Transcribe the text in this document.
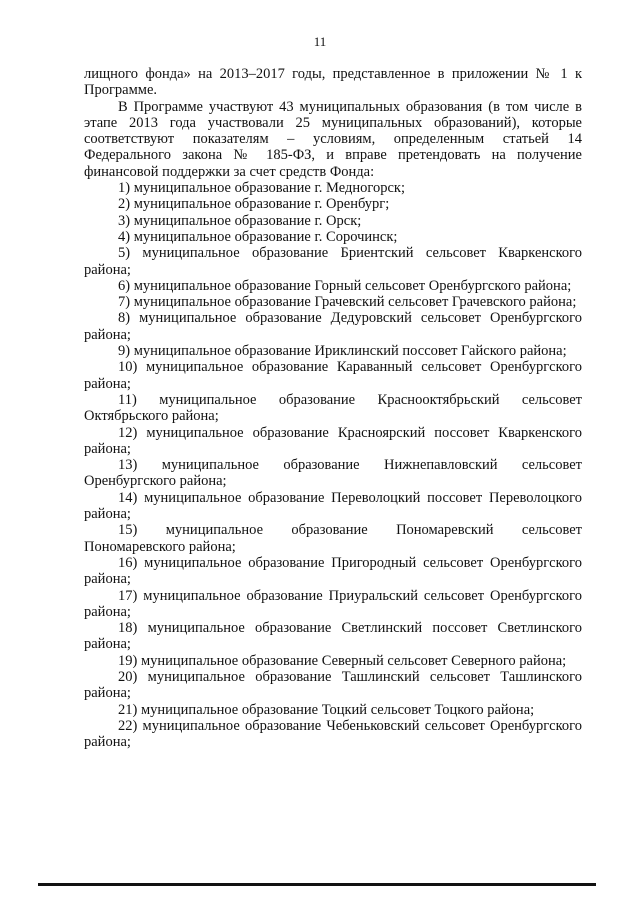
11

лищного фонда» на 2013–2017 годы, представленное в приложении № 1 к Программе.

В Программе участвуют 43 муниципальных образования (в том числе в этапе 2013 года участвовали 25 муниципальных образований), которые соответствуют показателям – условиям, определенным статьей 14 Федерального закона № 185-ФЗ, и вправе претендовать на получение финансовой поддержки за счет средств Фонда:

1) муниципальное образование г. Медногорск;
2) муниципальное образование г. Оренбург;
3) муниципальное образование г. Орск;
4) муниципальное образование г. Сорочинск;
5) муниципальное образование Бриентский сельсовет Кваркенского района;
6) муниципальное образование Горный сельсовет Оренбургского района;
7) муниципальное образование Грачевский сельсовет Грачевского района;
8) муниципальное образование Дедуровский сельсовет Оренбургского района;
9) муниципальное образование Ириклинский поссовет Гайского района;
10) муниципальное образование Караванный сельсовет Оренбургского района;
11) муниципальное образование Краснооктябрьский сельсовет Октябрьского района;
12) муниципальное образование Красноярский поссовет Кваркенского района;
13) муниципальное образование Нижнепавловский сельсовет Оренбургского района;
14) муниципальное образование Переволоцкий поссовет Переволоцкого района;
15) муниципальное образование Пономаревский сельсовет Пономаревского района;
16) муниципальное образование Пригородный сельсовет Оренбургского района;
17) муниципальное образование Приуральский сельсовет Оренбургского района;
18) муниципальное образование Светлинский поссовет Светлинского района;
19) муниципальное образование Северный сельсовет Северного района;
20) муниципальное образование Ташлинский сельсовет Ташлинского района;
21) муниципальное образование Тоцкий сельсовет Тоцкого района;
22) муниципальное образование Чебеньковский сельсовет Оренбургского района;
